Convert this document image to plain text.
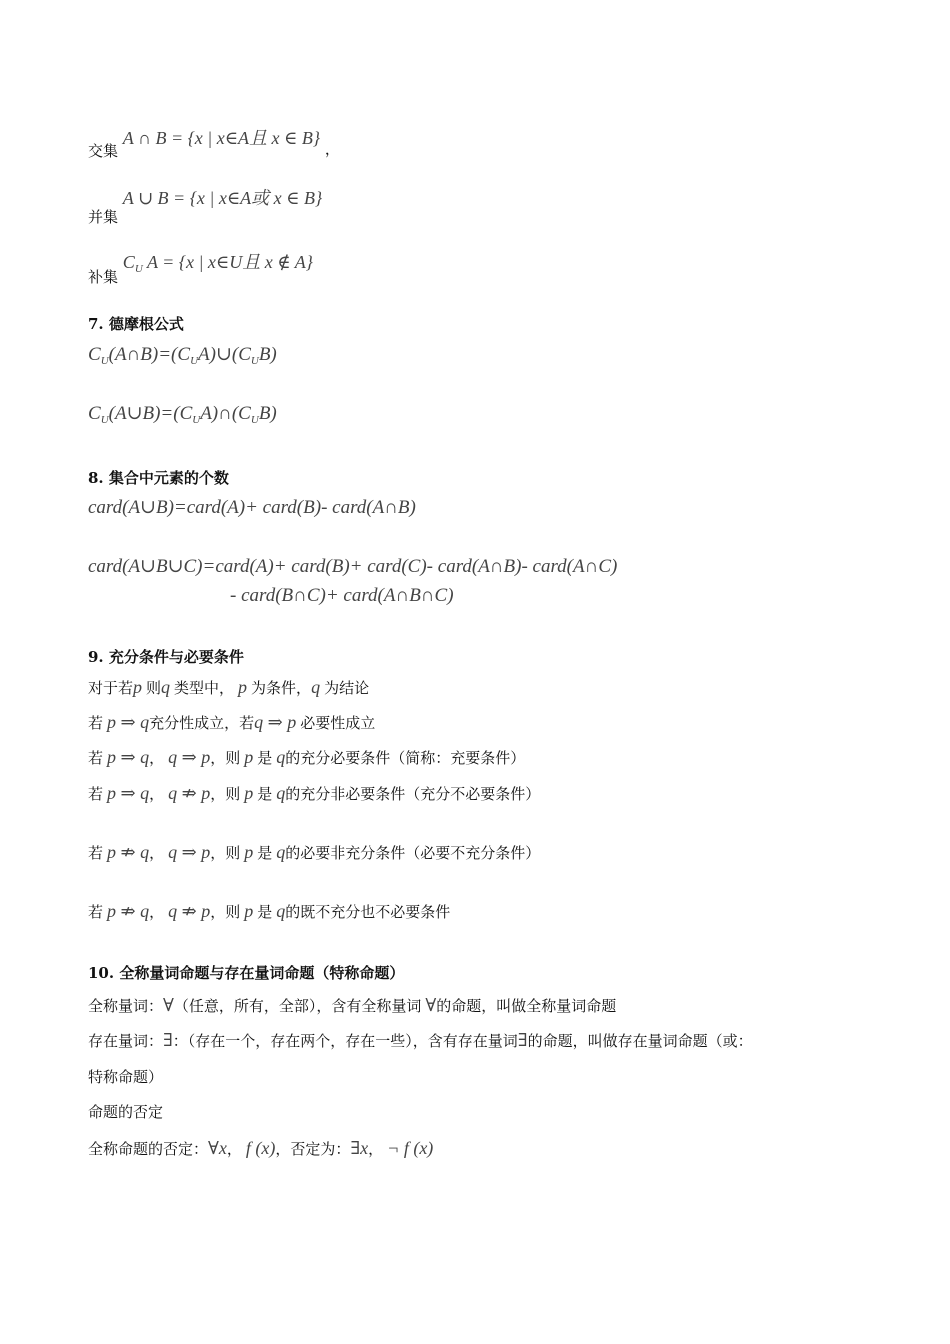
交集 A ∩ B = {x | x∈A且 x ∈ B} ，
并集 A ∪ B = {x | x∈A或 x ∈ B}
补集 $C_U$ A = {x | x∈U且 x ∉ A}
7. 德摩根公式
$C_U(A\cap B)=(C_UA)\cup(C_UB)$
$C_U(A\cup B)=(C_UA)\cap(C_UB)$
8. 集合中元素的个数
card(A∪B)=card(A)+ card(B)- card(A∩B)
card(A∪B∪C)=card(A)+ card(B)+ card(C)- card(A∩B)- card(A∩C)
- card(B∩C)+ card(A∩B∩C)
9. 充分条件与必要条件
对于若p 则q 类型中， p 为条件，q 为结论
若 p ⇒ q充分性成立，若q ⇒ p 必要性成立
若 p ⇒ q， q ⇒ p，则 p 是 q的充分必要条件（简称：充要条件）
若 p ⇒ q， q ⇏ p，则 p 是 q的充分非必要条件（充分不必要条件）
若 p ⇏ q， q ⇒ p，则 p 是 q的必要非充分条件（必要不充分条件）
若 p ⇏ q， q ⇏ p，则 p 是 q的既不充分也不必要条件
10. 全称量词命题与存在量词命题（特称命题）
全称量词：∀（任意，所有，全部），含有全称量词 ∀的命题，叫做全称量词命题
存在量词：∃：（存在一个，存在两个，存在一些），含有存在量词∃的命题，叫做存在量词命题（或：
特称命题）
命题的否定
全称命题的否定：∀x， f (x)，否定为：∃x， ¬ f (x)
